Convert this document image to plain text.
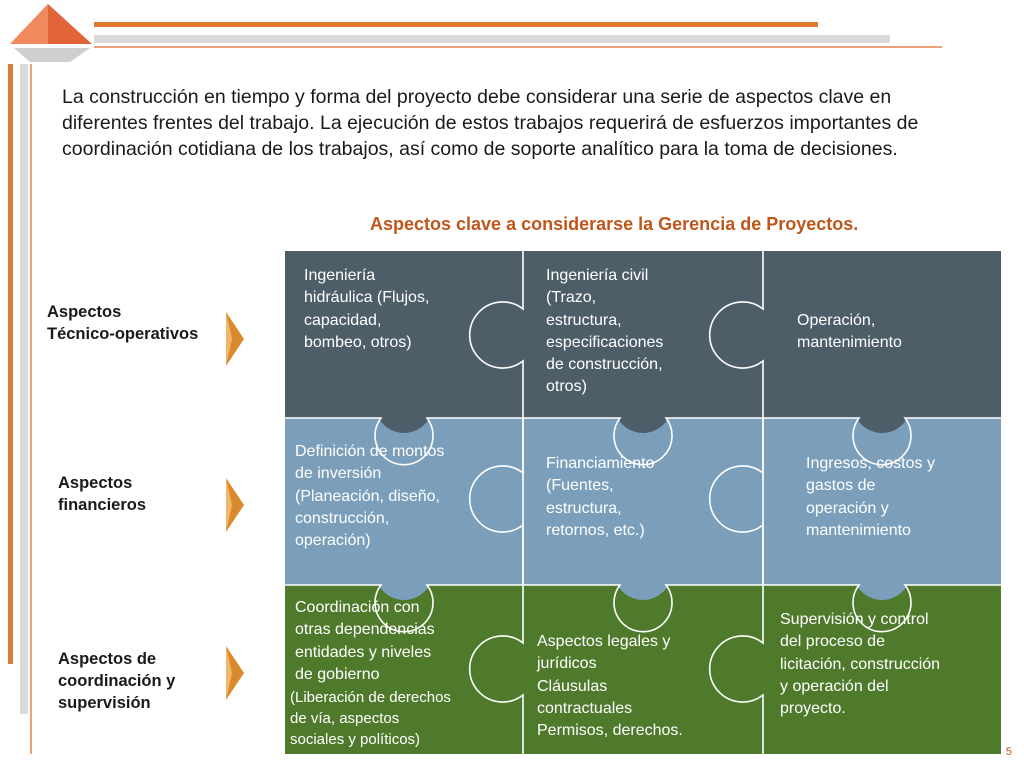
La construcción en tiempo y forma del proyecto debe considerar una serie de aspectos clave en diferentes frentes del trabajo. La ejecución de estos trabajos requerirá de esfuerzos importantes de coordinación cotidiana de los trabajos, así como de soporte analítico para la toma de decisiones.
Aspectos clave a considerarse la Gerencia de Proyectos.
Aspectos
Técnico-operativos
Aspectos
financieros
Aspectos de
coordinación y
supervisión
Ingeniería
hidráulica (Flujos,
capacidad,
bombeo, otros)
Ingeniería civil
(Trazo,
estructura,
especificaciones
de construcción,
otros)
Operación,
mantenimiento
Definición de montos
de inversión
(Planeación, diseño,
construcción,
operación)
Financiamiento
(Fuentes,
estructura,
retornos, etc.)
Ingresos, costos y
gastos de
operación y
mantenimiento
Coordinación con
otras dependencias
entidades y niveles
de gobierno
(Liberación de derechos
de vía, aspectos
sociales y políticos)
Aspectos legales y
jurídicos
Cláusulas
contractuales
Permisos, derechos.
Supervisión y control
del proceso de
licitación, construcción
y operación del
proyecto.
5
